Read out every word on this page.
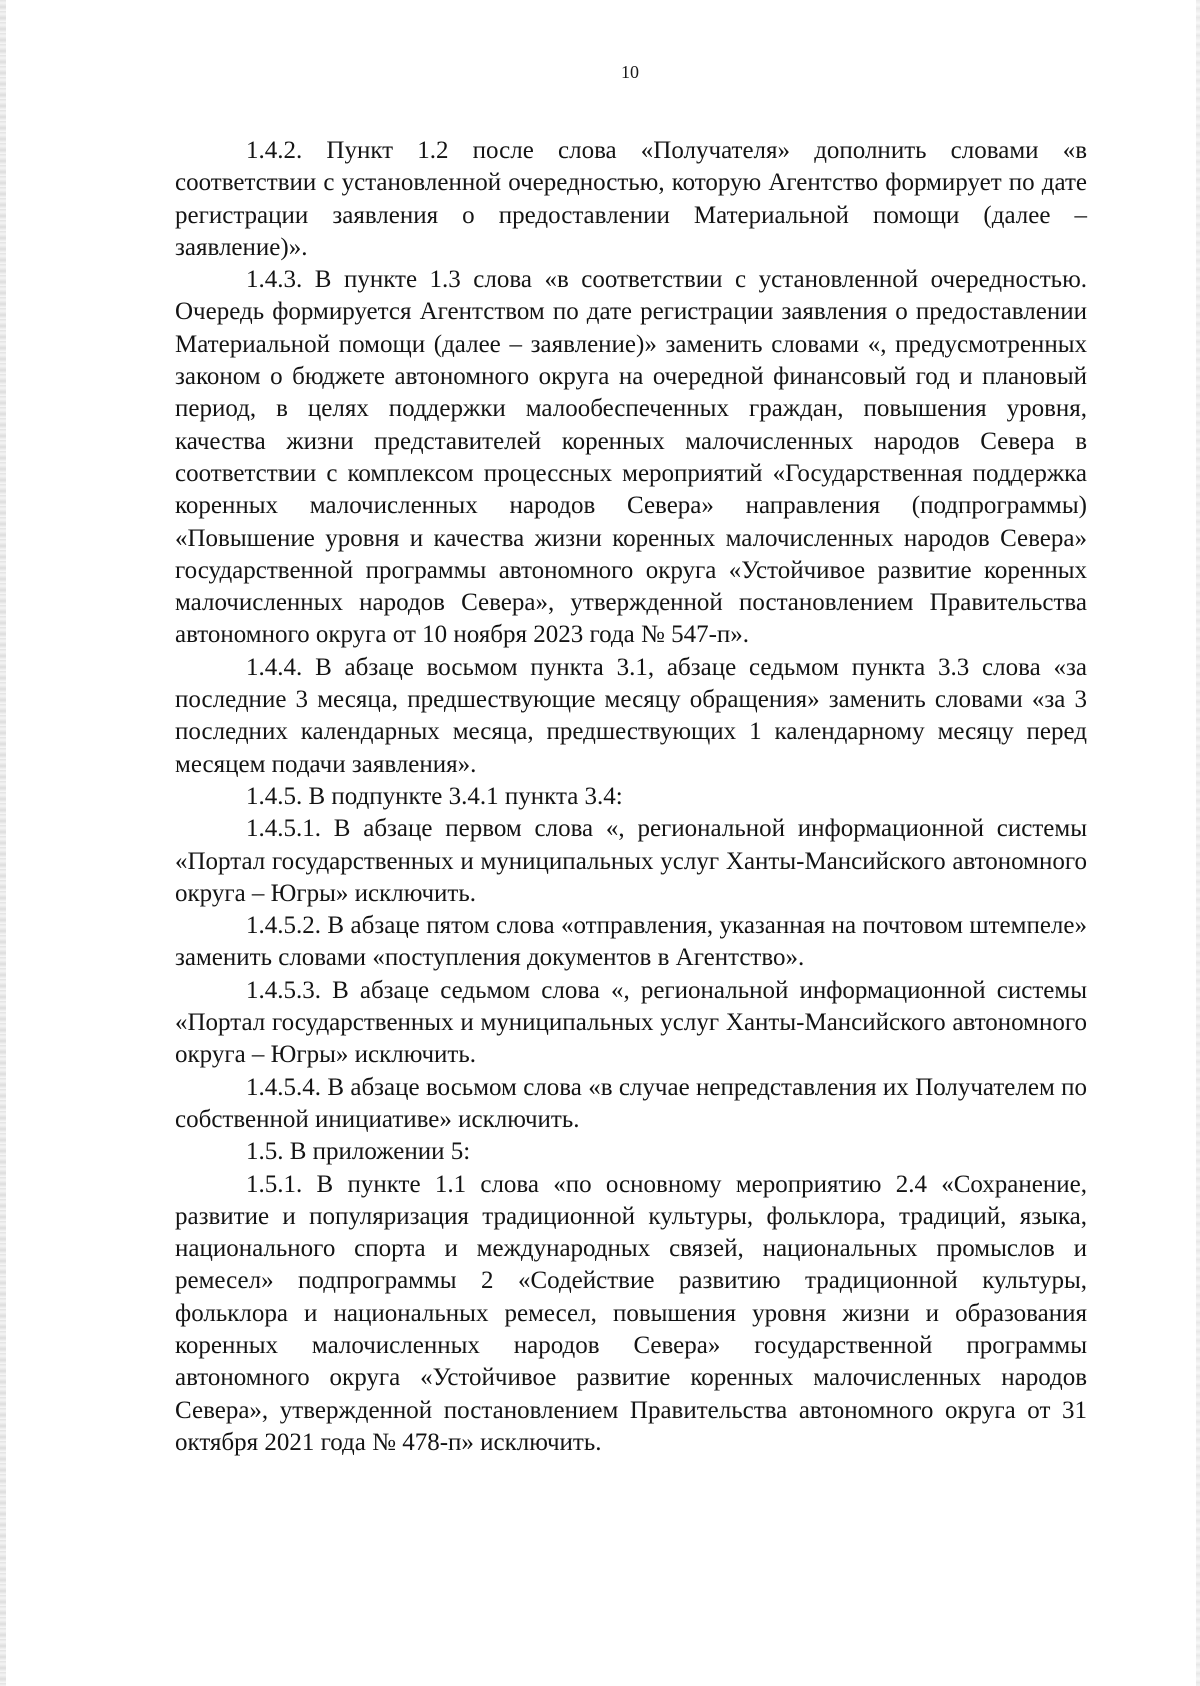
10

1.4.2. Пункт 1.2 после слова «Получателя» дополнить словами «в соответствии с установленной очередностью, которую Агентство формирует по дате регистрации заявления о предоставлении Материальной помощи (далее – заявление)».

1.4.3. В пункте 1.3 слова «в соответствии с установленной очередностью. Очередь формируется Агентством по дате регистрации заявления о предоставлении Материальной помощи (далее – заявление)» заменить словами «, предусмотренных законом о бюджете автономного округа на очередной финансовый год и плановый период, в целях поддержки малообеспеченных граждан, повышения уровня, качества жизни представителей коренных малочисленных народов Севера в соответствии с комплексом процессных мероприятий «Государственная поддержка коренных малочисленных народов Севера» направления (подпрограммы) «Повышение уровня и качества жизни коренных малочисленных народов Севера» государственной программы автономного округа «Устойчивое развитие коренных малочисленных народов Севера», утвержденной постановлением Правительства автономного округа от 10 ноября 2023 года № 547-п».

1.4.4. В абзаце восьмом пункта 3.1, абзаце седьмом пункта 3.3 слова «за последние 3 месяца, предшествующие месяцу обращения» заменить словами «за 3 последних календарных месяца, предшествующих 1 календарному месяцу перед месяцем подачи заявления».

1.4.5. В подпункте 3.4.1 пункта 3.4:

1.4.5.1. В абзаце первом слова «, региональной информационной системы «Портал государственных и муниципальных услуг Ханты-Мансийского автономного округа – Югры» исключить.

1.4.5.2. В абзаце пятом слова «отправления, указанная на почтовом штемпеле» заменить словами «поступления документов в Агентство».

1.4.5.3. В абзаце седьмом слова «, региональной информационной системы «Портал государственных и муниципальных услуг Ханты-Мансийского автономного округа – Югры» исключить.

1.4.5.4. В абзаце восьмом слова «в случае непредставления их Получателем по собственной инициативе» исключить.

1.5. В приложении 5:

1.5.1. В пункте 1.1 слова «по основному мероприятию 2.4 «Сохранение, развитие и популяризация традиционной культуры, фольклора, традиций, языка, национального спорта и международных связей, национальных промыслов и ремесел» подпрограммы 2 «Содействие развитию традиционной культуры, фольклора и национальных ремесел, повышения уровня жизни и образования коренных малочисленных народов Севера» государственной программы автономного округа «Устойчивое развитие коренных малочисленных народов Севера», утвержденной постановлением Правительства автономного округа от 31 октября 2021 года № 478-п» исключить.
